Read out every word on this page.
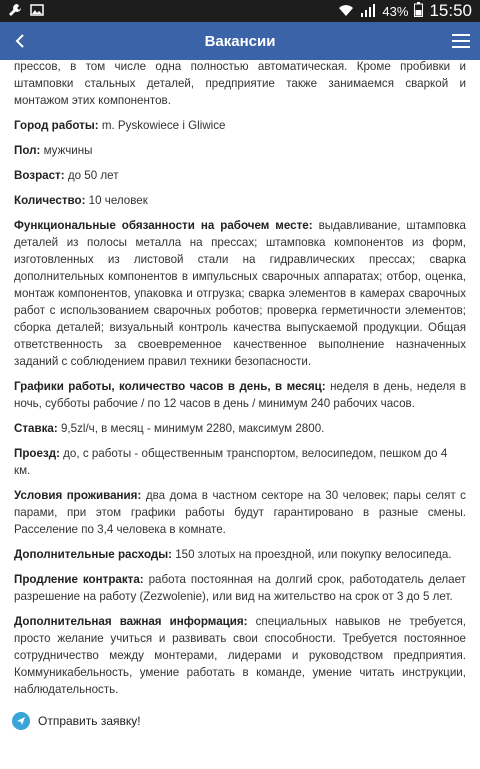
43% 15:50
Вакансии

прессов, в том числе одна полностью автоматическая. Кроме пробивки и штамповки стальных деталей, предприятие также занимаемся сваркой и монтажом этих компонентов.

Город работы: m. Pyskowiece i Gliwice

Пол: мужчины

Возраст: до 50 лет

Количество: 10 человек

Функциональные обязанности на рабочем месте: выдавливание, штамповка деталей из полосы металла на прессах; штамповка компонентов из форм, изготовленных из листовой стали на гидравлических прессах; сварка дополнительных компонентов в импульсных сварочных аппаратах; отбор, оценка, монтаж компонентов, упаковка и отгрузка; сварка элементов в камерах сварочных работ с использованием сварочных роботов; проверка герметичности элементов; сборка деталей; визуальный контроль качества выпускаемой продукции. Общая ответственность за своевременное качественное выполнение назначенных заданий с соблюдением правил техники безопасности.

Графики работы, количество часов в день, в месяц: неделя в день, неделя в ночь, субботы рабочие / по 12 часов в день / минимум 240 рабочих часов.

Ставка: 9,5zl/ч, в месяц - минимум 2280, максимум 2800.

Проезд: до, с работы - общественным транспортом, велосипедом, пешком до 4 км.

Условия проживания: два дома в частном секторе на 30 человек; пары селят с парами, при этом графики работы будут гарантировано в разные смены. Расселение по 3,4 человека в комнате.

Дополнительные расходы: 150 злотых на проездной, или покупку велосипеда.

Продление контракта: работа постоянная на долгий срок, работодатель делает разрешение на работу (Zezwolenie), или вид на жительство на срок от 3 до 5 лет.

Дополнительная важная информация: специальных навыков не требуется, просто желание учиться и развивать свои способности. Требуется постоянное сотрудничество между монтерами, лидерами и руководством предприятия. Коммуникабельность, умение работать в команде, умение читать инструкции, наблюдательность.

Отправить заявку!
